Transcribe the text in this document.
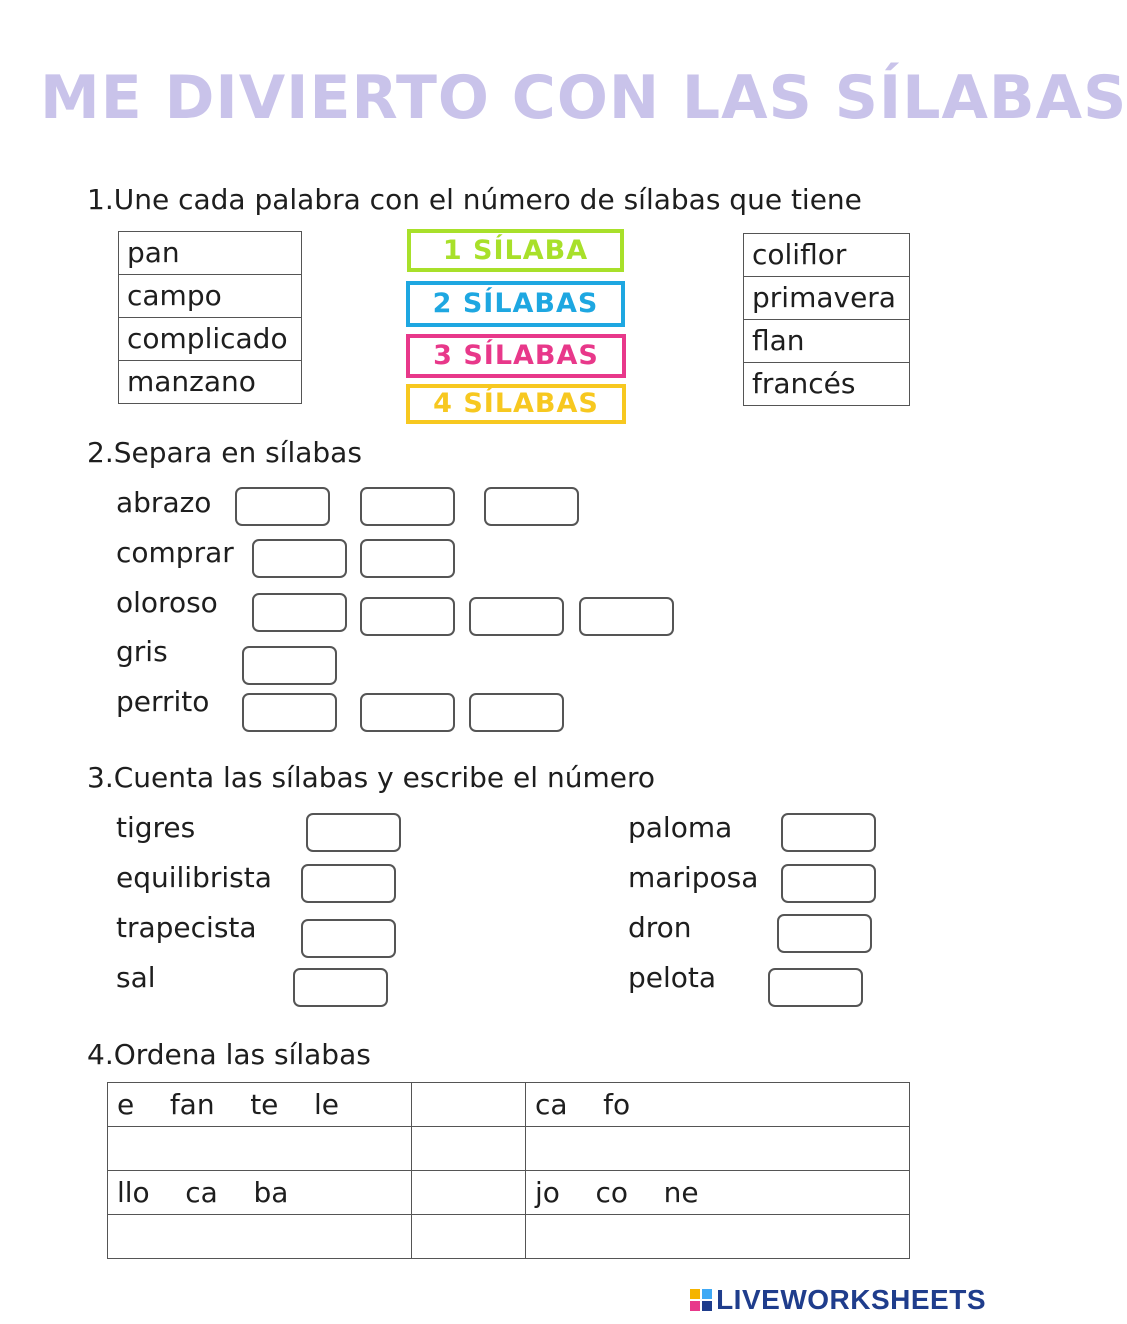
ME DIVIERTO CON LAS SÍLABAS
1.Une cada palabra con el número de sílabas que tiene
pan
campo
complicado
manzano
1 SÍLABA
2 SÍLABAS
3 SÍLABAS
4 SÍLABAS
coliflor
primavera
flan
francés
2.Separa en sílabas
abrazo
comprar
oloroso
gris
perrito
3.Cuenta las sílabas y escribe el número
tigres
equilibrista
trapecista
sal
paloma
mariposa
dron
pelota
4.Ordena las sílabas
e    fan    te    le		ca    fo

llo    ca    ba		jo    co    ne

LIVEWORKSHEETS
